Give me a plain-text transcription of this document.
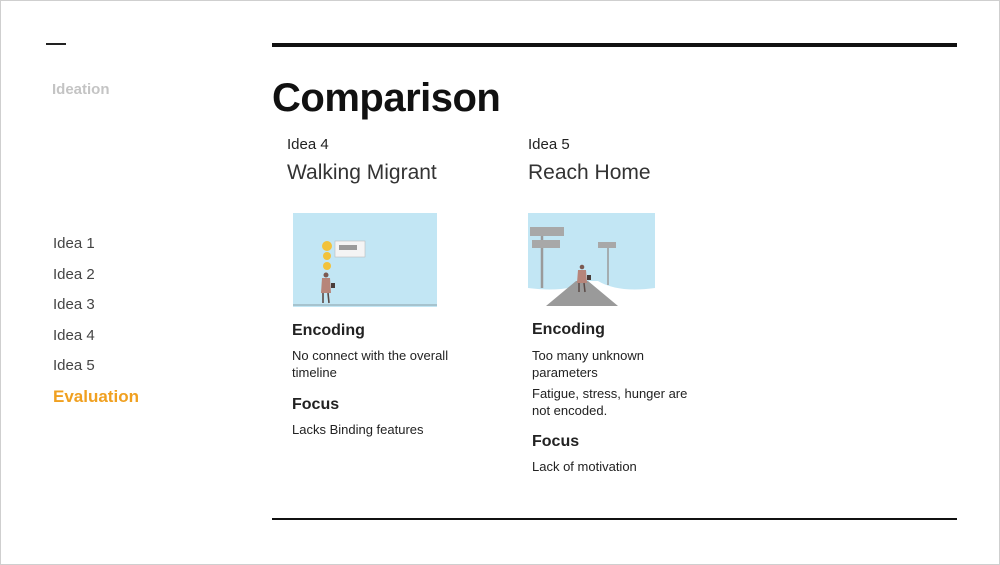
Ideation
Idea 1
Idea 2
Idea 3
Idea 4
Idea 5
Evaluation
Comparison
Idea 4
Walking Migrant
Encoding

No connect with the overall timeline

Focus

Lacks Binding features

Idea 5
Reach Home
Encoding

Too many unknown parameters

Fatigue, stress, hunger are not encoded.

Focus

Lack of motivation
